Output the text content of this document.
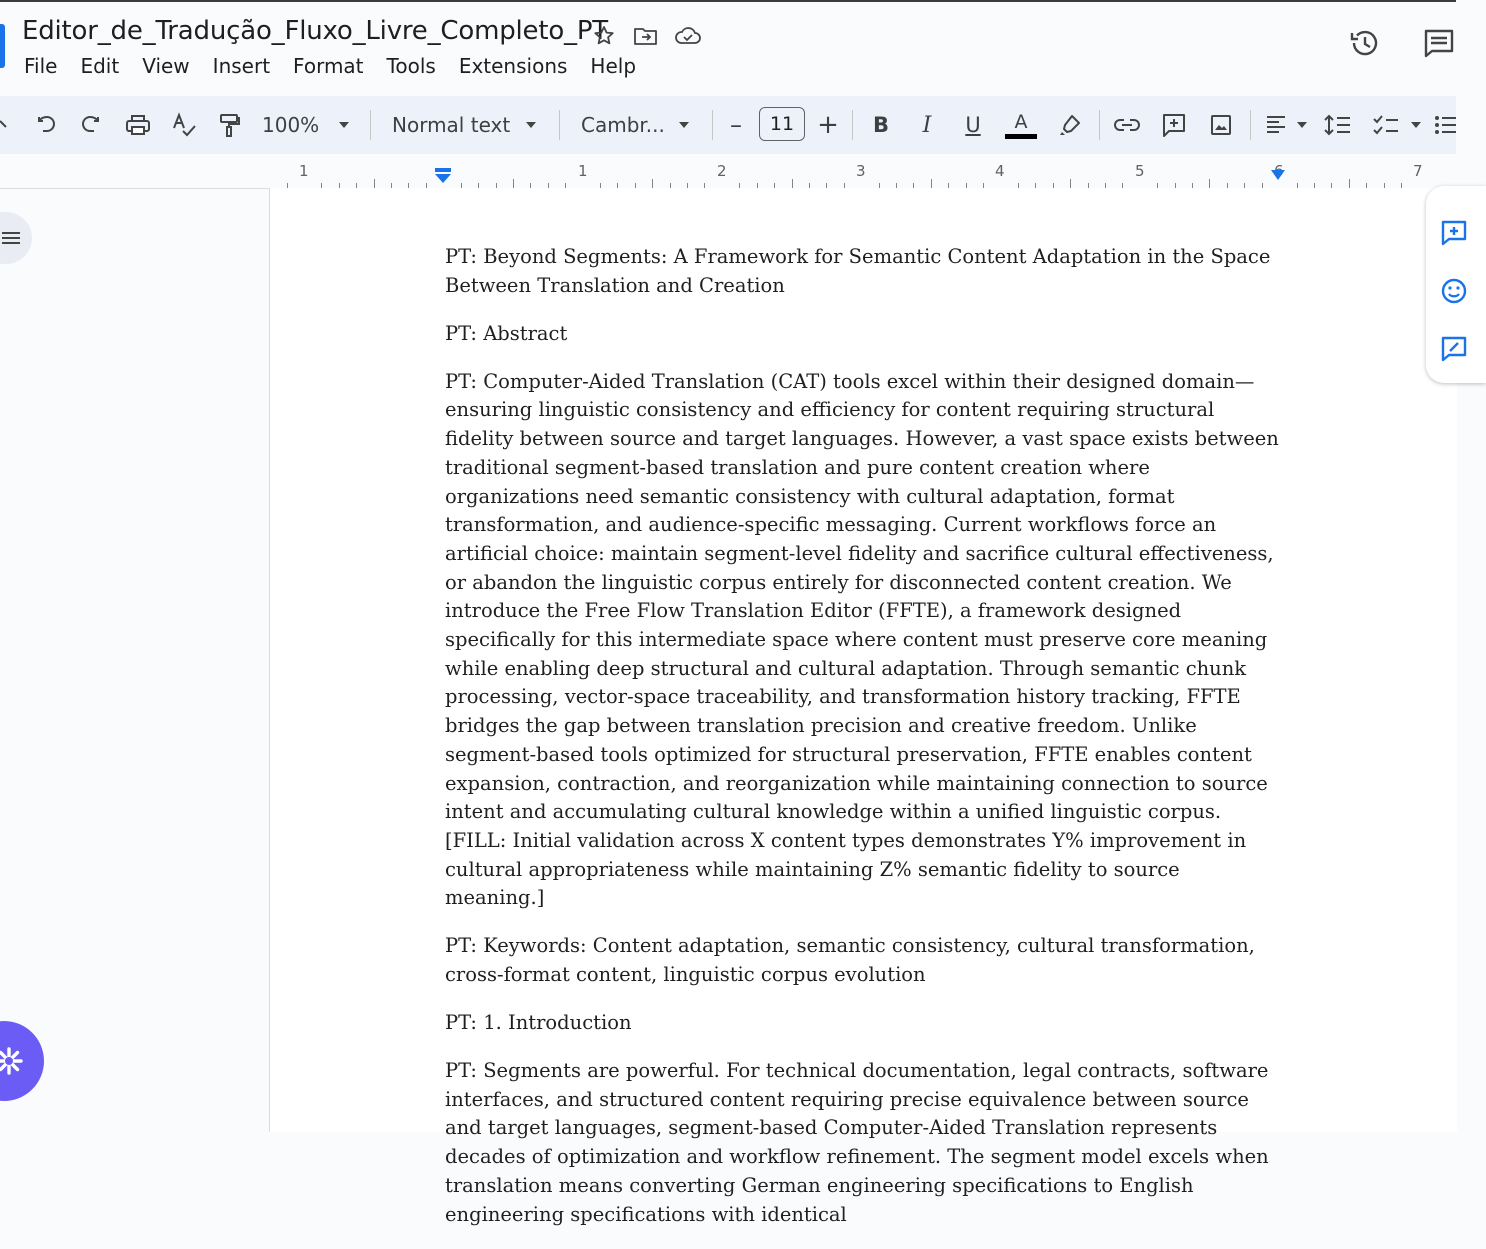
Editor_de_Tradução_Fluxo_Livre_Completo_PT
File Edit View Insert Format Tools Extensions Help
100%	Normal text	Cambr...	–	11 +	B	I	U	A
1	1	2	3	4	5	7

PT: Beyond Segments: A Framework for Semantic Content Adaptation in the Space Between Translation and Creation

PT: Abstract

PT: Computer-Aided Translation (CAT) tools excel within their designed domain—ensuring linguistic consistency and efficiency for content requiring structural fidelity between source and target languages. However, a vast space exists between traditional segment-based translation and pure content creation where organizations need semantic consistency with cultural adaptation, format transformation, and audience-specific messaging. Current workflows force an artificial choice: maintain segment-level fidelity and sacrifice cultural effectiveness, or abandon the linguistic corpus entirely for disconnected content creation. We introduce the Free Flow Translation Editor (FFTE), a framework designed specifically for this intermediate space where content must preserve core meaning while enabling deep structural and cultural adaptation. Through semantic chunk processing, vector-space traceability, and transformation history tracking, FFTE bridges the gap between translation precision and creative freedom. Unlike segment-based tools optimized for structural preservation, FFTE enables content expansion, contraction, and reorganization while maintaining connection to source intent and accumulating cultural knowledge within a unified linguistic corpus. [FILL: Initial validation across X content types demonstrates Y% improvement in cultural appropriateness while maintaining Z% semantic fidelity to source meaning.]

PT: Keywords: Content adaptation, semantic consistency, cultural transformation, cross-format content, linguistic corpus evolution

PT: 1. Introduction

PT: Segments are powerful. For technical documentation, legal contracts, software interfaces, and structured content requiring precise equivalence between source and target languages, segment-based Computer-Aided Translation represents decades of optimization and workflow refinement. The segment model excels when translation means converting German engineering specifications to English engineering specifications with identical
